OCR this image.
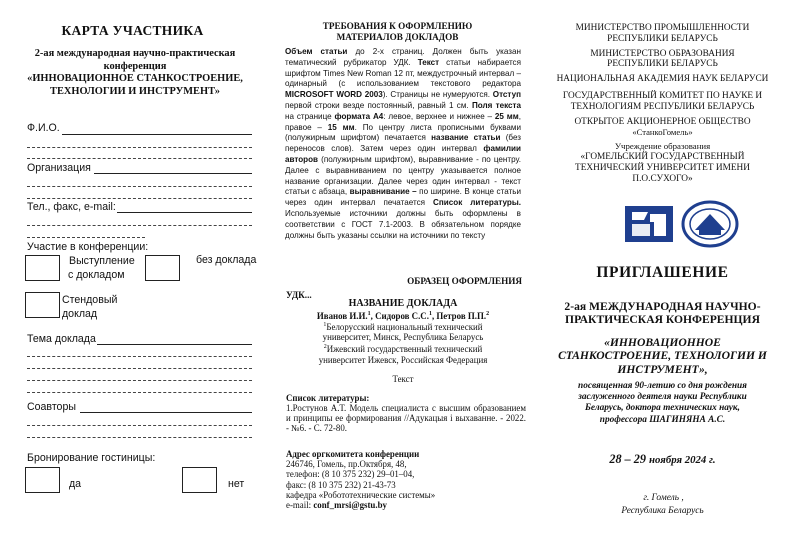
КАРТА УЧАСТНИКА
2-ая международная научно-практическая
конференция
«ИННОВАЦИОННОЕ СТАНКОСТРОЕНИЕ,
ТЕХНОЛОГИИ И ИНСТРУМЕНТ»
Ф.И.О.
Организация
Тел., факс, e-mail:
Участие в конференции:
Выступление
с докладом
без доклада
Стендовый
доклад
Тема доклада
Соавторы
Бронирование гостиницы:
да	нет
ТРЕБОВАНИЯ К ОФОРМЛЕНИЮ
МАТЕРИАЛОВ ДОКЛАДОВ
Объем статьи до 2-х страниц. Должен быть указан тематический рубрикатор УДК. Текст статьи набирается шрифтом Times New Roman 12 пт, междустрочный интервал – одинарный (с использованием текстового редактора MICROSOFT WORD 2003). Страницы не нумеруются. Отступ первой строки везде постоянный, равный 1 см. Поля текста на странице формата А4: левое, верхнее и нижнее – 25 мм, правое – 15 мм. По центру листа прописными буквами (полужирным шрифтом) печатается название статьи (без переносов слов). Затем через один интервал фамилии авторов (полужирным шрифтом), выравнивание - по центру. Далее с выравниванием по центру указывается полное название организации. Далее через один интервал - текст статьи с абзаца, выравнивание – по ширине. В конце статьи через один интервал печатается Список литературы. Используемые источники должны быть оформлены в соответствии с ГОСТ 7.1-2003. В обязательном порядке должны быть указаны ссылки на источники по тексту
ОБРАЗЕЦ ОФОРМЛЕНИЯ
УДК...
НАЗВАНИЕ ДОКЛАДА
Иванов И.И.$^1$, Сидоров С.С.$^1$, Петров П.П.$^2$
$^1$Белорусский национальный технический
университет, Минск, Республика Беларусь
$^2$Ижевский государственный технический
университет Ижевск, Российская Федерация
Текст
Список литературы:
1.Ростунов А.Т. Модель специалиста с высшим образованием и принципы ее формирования //Адукацыя і выхаванне. - 2022. - №6. - С. 72-80.
Адрес оргкомитета конференции
246746, Гомель, пр.Октября, 48,
телефон: (8 10 375 232) 29–01–04,
факс: (8 10 375 232) 21-43-73
кафедра «Робототехнические системы»
e-mail: conf_mrsi@gstu.by
МИНИСТЕРСТВО ПРОМЫШЛЕННОСТИ
РЕСПУБЛИКИ БЕЛАРУСЬ
МИНИСТЕРСТВО ОБРАЗОВАНИЯ
РЕСПУБЛИКИ БЕЛАРУСЬ
НАЦИОНАЛЬНАЯ АКАДЕМИЯ НАУК БЕЛАРУСИ
ГОСУДАРСТВЕННЫЙ КОМИТЕТ ПО НАУКЕ И
ТЕХНОЛОГИЯМ РЕСПУБЛИКИ БЕЛАРУСЬ
ОТКРЫТОЕ АКЦИОНЕРНОЕ ОБЩЕСТВО
«СтанкоГомель»
Учреждение образования
«ГОМЕЛЬСКИЙ ГОСУДАРСТВЕННЫЙ
ТЕХНИЧЕСКИЙ УНИВЕРСИТЕТ ИМЕНИ
П.О.СУХОГО»
ПРИГЛАШЕНИЕ
2-ая МЕЖДУНАРОДНАЯ НАУЧНО-
ПРАКТИЧЕСКАЯ КОНФЕРЕНЦИЯ
«ИННОВАЦИОННОЕ
СТАНКОСТРОЕНИЕ, ТЕХНОЛОГИИ И
ИНСТРУМЕНТ»,
посвященная 90-летию со дня рождения
заслуженного деятеля науки Республики
Беларусь, доктора технических наук,
профессора ШАГИНЯНА А.С.
28 – 29 ноября 2024 г.
г. Гомель ,
Республика Беларусь
